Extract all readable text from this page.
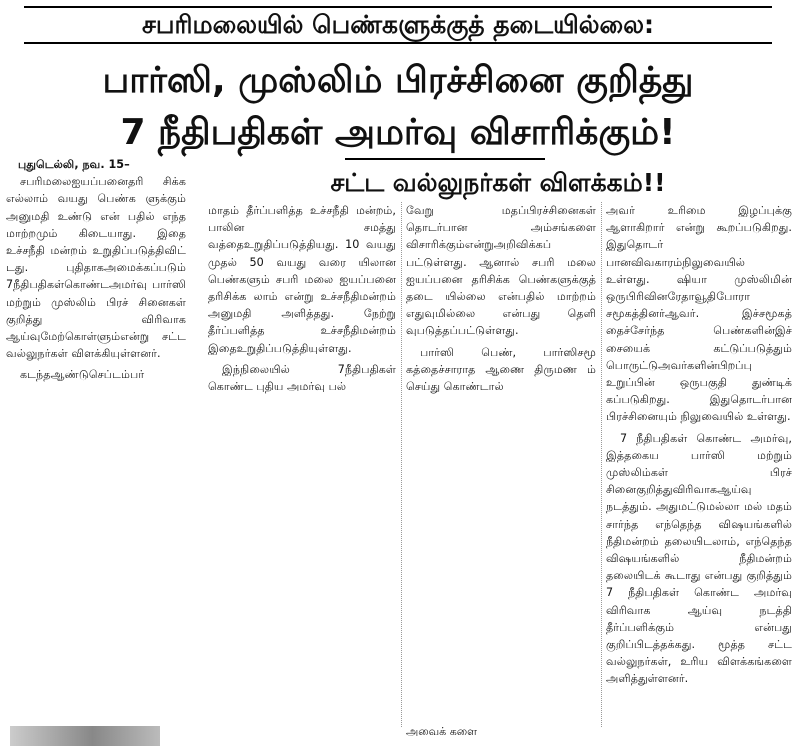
சபரிமலையில் பெண்களுக்குத் தடையில்லை:
பார்ஸி, முஸ்லிம் பிரச்சினை குறித்து
7 நீதிபதிகள் அமர்வு விசாரிக்கும்!
சட்ட வல்லுநர்கள் விளக்கம்!!

புதுடெல்லி, நவ. 15–

சபரிமலைஐயப்பனைதரி சிக்க எல்லாம் வயது பெண்க ளுக்கும் அனுமதி உண்டு என் பதில் எந்த மாற்றமும் கிடையாது. இதை உச்சநீதி மன்றம் உறுதிப்படுத்திவிட் டது. புதிதாகஅமைக்கப்படும் 7நீதிபதிகள்கொண்டஅமர்வு பார்ஸி மற்றும் முஸ்லிம் பிரச் சினைகள் குறித்து விரிவாக ஆய்வுமேற்கொள்ளும்என்று சட்ட வல்லுநர்கள் விளக்கியுள்ளனர்.

கடந்தஆண்டுசெப்டம்பர்

மாதம் தீர்ப்பளித்த உச்சநீதி மன்றம், பாலின சமத்து வத்தைஉறுதிப்படுத்தியது. 10 வயது முதல் 50 வயது வரை யிலான பெண்களும் சபரி மலை ஐயப்பனை தரிசிக்க லாம் என்று உச்சநீதிமன்றம் அனுமதி அளித்தது. நேற்று தீர்ப்பளித்த உச்சநீதிமன்றம் இதைஉறுதிப்படுத்தியுள்ளது.

இந்நிலையில் 7நீதிபதிகள் கொண்ட புதிய அமர்வு பல்

வேறு மதப்பிரச்சினைகள் தொடர்பான அம்சங்களை விசாரிக்கும்என்றுஅறிவிக்கப் பட்டுள்ளது. ஆனால் சபரி மலை ஐயப்பனை தரிசிக்க பெண்களுக்குத் தடை யில்லை என்பதில் மாற்றம் எதுவுமில்லை என்பது தெளி வுபடுத்தப்பட்டுள்ளது.

பார்ஸி பெண், பார்ஸிசமூ கத்தைச்சாராத ஆணை திருமண ம் செய்து கொண்டால்

அவர் உரிமை இழப்புக்கு ஆளாகிறார் என்று கூறப்படுகிறது. இதுதொடர் பானவிவகாரம்நிலுவையில் உள்ளது. ஷியா முஸ்லிமின் ஒருபிரிவினரேதாவூதிபோரா சமூகத்தினர்ஆவர். இச்சமூகத் தைச்சேர்ந்த பெண்களின்இச் சையைக் கட்டுப்படுத்தும் பொருட்டுஅவர்களின்பிறப்பு உறுப்பின் ஒருபகுதி துண்டிக் கப்படுகிறது. இதுதொடர்பான பிரச்சினையும் நிலுவையில் உள்ளது.

7 நீதிபதிகள் கொண்ட அமர்வு, இத்தகைய பார்ஸி மற்றும் முஸ்லிம்கள் பிரச் சினைகுறித்துவிரிவாகஆய்வு நடத்தும். அதுமட்டுமல்லா மல் மதம் சார்ந்த எந்தெந்த விஷயங்களில் நீதிமன்றம் தலையிடலாம், எந்தெந்த விஷயங்களில் நீதிமன்றம் தலையிடக் கூடாது என்பது குறித்தும் 7 நீதிபதிகள் கொண்ட அமர்வு விரிவாக ஆய்வு நடத்தி தீர்ப்பளிக்கும் என்பது குறிப்பிடத்தக்கது. மூத்த சட்ட வல்லுநர்கள், உரிய விளக்கங்களை அளித்துள்ளனர்.

அவைக் களை
